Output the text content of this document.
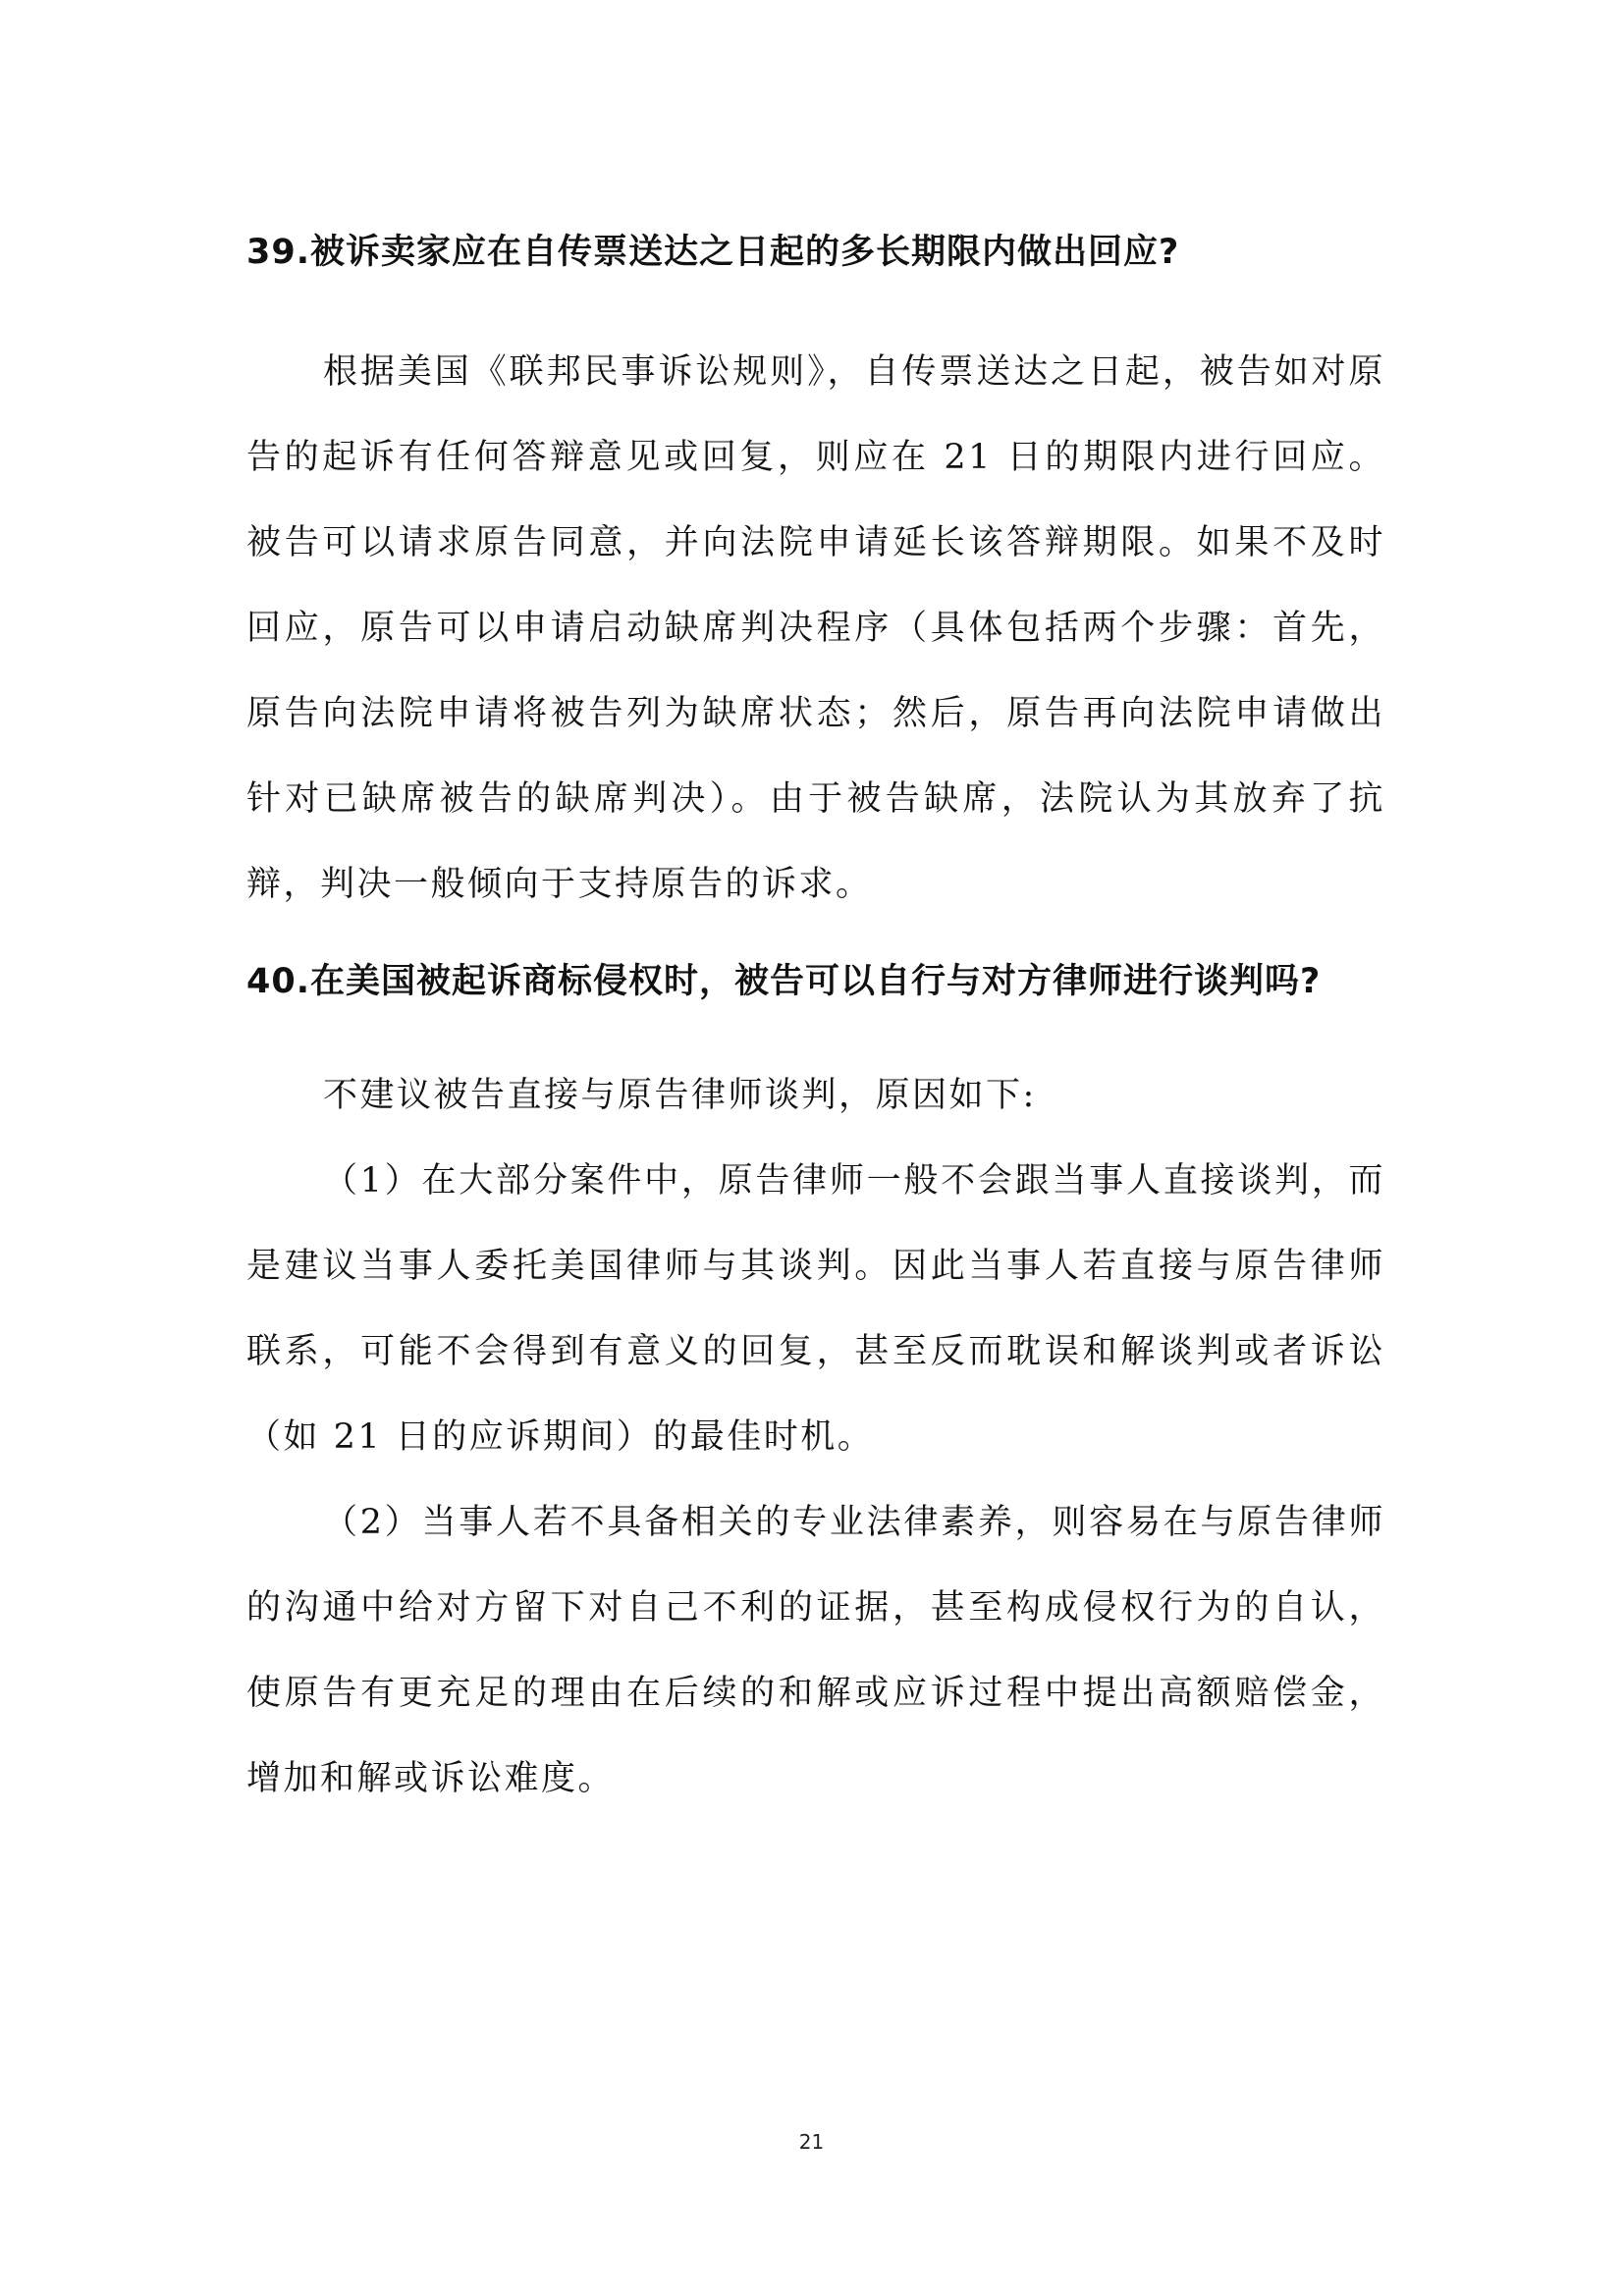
39.被诉卖家应在自传票送达之日起的多长期限内做出回应?

根据美国《联邦民事诉讼规则》，自传票送达之日起，被告如对原告的起诉有任何答辩意见或回复，则应在 21 日的期限内进行回应。被告可以请求原告同意，并向法院申请延长该答辩期限。如果不及时回应，原告可以申请启动缺席判决程序（具体包括两个步骤：首先，原告向法院申请将被告列为缺席状态；然后，原告再向法院申请做出针对已缺席被告的缺席判决）。由于被告缺席，法院认为其放弃了抗辩，判决一般倾向于支持原告的诉求。

40.在美国被起诉商标侵权时，被告可以自行与对方律师进行谈判吗?

不建议被告直接与原告律师谈判，原因如下:

（1）在大部分案件中，原告律师一般不会跟当事人直接谈判，而是建议当事人委托美国律师与其谈判。因此当事人若直接与原告律师联系，可能不会得到有意义的回复，甚至反而耽误和解谈判或者诉讼（如 21 日的应诉期间）的最佳时机。

（2）当事人若不具备相关的专业法律素养，则容易在与原告律师的沟通中给对方留下对自己不利的证据，甚至构成侵权行为的自认，使原告有更充足的理由在后续的和解或应诉过程中提出高额赔偿金，增加和解或诉讼难度。

21
